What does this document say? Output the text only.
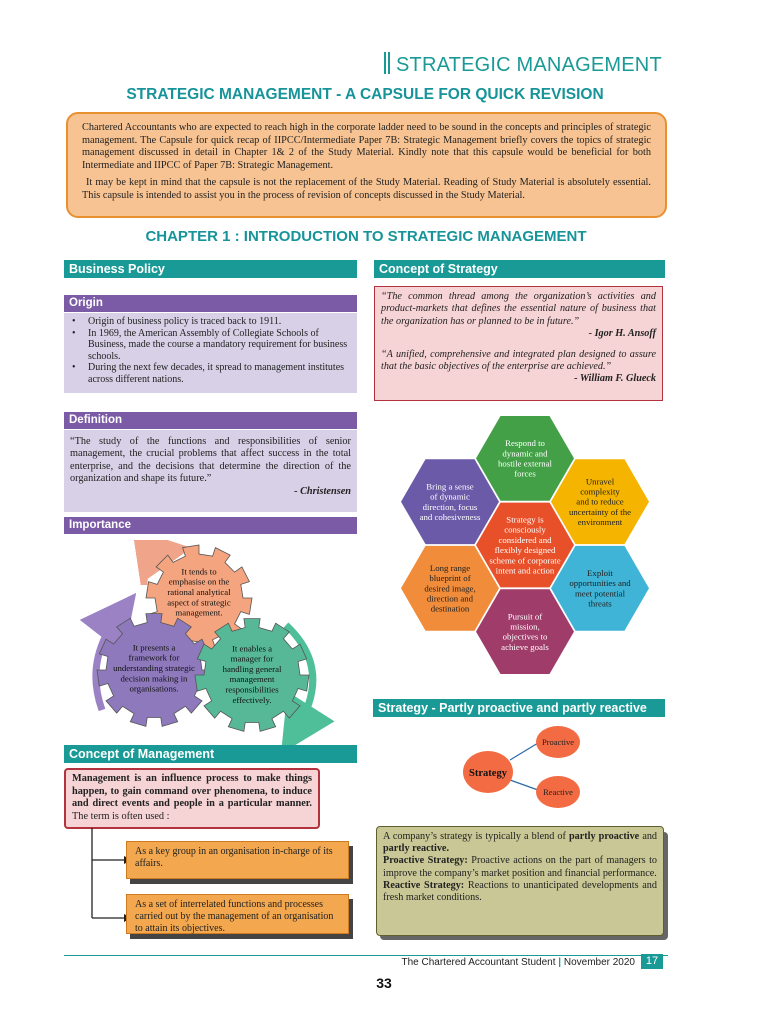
STRATEGIC MANAGEMENT
STRATEGIC MANAGEMENT - A CAPSULE FOR QUICK REVISION

Chartered Accountants who are expected to reach high in the corporate ladder need to be sound in the concepts and principles of strategic management. The Capsule for quick recap of IIPCC/Intermediate Paper 7B: Strategic Management briefly covers the topics of strategic management discussed in detail in Chapter 1& 2 of the Study Material. Kindly note that this capsule would be beneficial for both Intermediate and IIPCC of Paper 7B: Strategic Management.

It may be kept in mind that the capsule is not the replacement of the Study Material. Reading of Study Material is absolutely essential. This capsule is intended to assist you in the process of revision of concepts discussed in the Study Material.

CHAPTER 1 : INTRODUCTION TO STRATEGIC MANAGEMENT
Business Policy
Origin
• Origin of business policy is traced back to 1911.
• In 1969, the American Assembly of Collegiate Schools of Business, made the course a mandatory requirement for business schools.
• During the next few decades, it spread to management institutes across different nations.
Definition
“The study of the functions and responsibilities of senior management, the crucial problems that affect success in the total enterprise, and the decisions that determine the direction of the organization and shape its future.”
- Christensen
Importance
It tends to
emphasise on the
rational analytical
aspect of strategic
management.
It presents a
framework for
understanding strategic
decision making in
organisations.
It enables a
manager for
handling general
management
responsibilities
effectively.
Concept of Management
Management is an influence process to make things happen, to gain command over phenomena, to induce and direct events and people in a particular manner. The term is often used :
As a key group in an organisation in-charge of its affairs.
As a set of interrelated functions and processes carried out by the management of an organisation to attain its objectives.
Concept of Strategy
“The common thread among the organization’s activities and product-markets that defines the essential nature of business that the organization has or planned to be in future.”
- Igor H. Ansoff
“A unified, comprehensive and integrated plan designed to assure that the basic objectives of the enterprise are achieved.”
- William F. Glueck
Respond to
dynamic and
hostile external
forces
Unravel
complexity
and to reduce
uncertainty of the
environment
Exploit
opportunities and
meet potential
threats
Pursuit of
mission,
objectives to
achieve goals
Long range
blueprint of
desired image,
direction and
destination
Bring a sense
of dynamic
direction, focus
and cohesiveness	Strategy is
consciously
considered and
flexibly designed
scheme of corporate
intent and action
Strategy - Partly proactive and partly reactive
Strategy
Proactive
Reactive
A company’s strategy is typically a blend of partly proactive and partly reactive.
Proactive Strategy: Proactive actions on the part of managers to improve the company’s market position and financial performance.
Reactive Strategy: Reactions to unanticipated developments and fresh market conditions.
The Chartered Accountant Student | November 2020 17
33
